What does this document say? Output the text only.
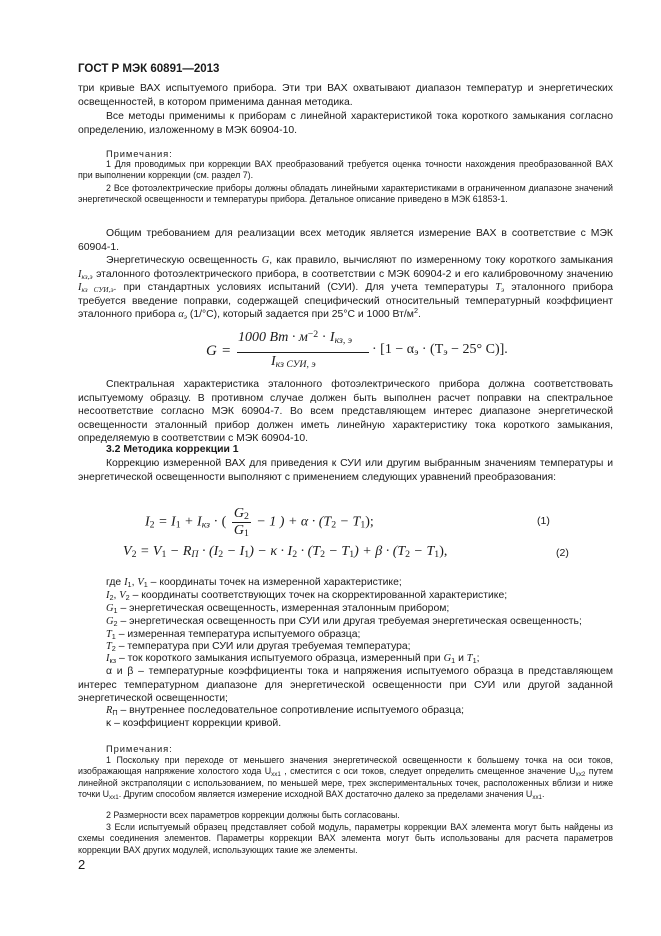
ГОСТ Р МЭК 60891—2013

три кривые ВАХ испытуемого прибора. Эти три ВАХ охватывают диапазон температур и энергетических освещенностей, в котором применима данная методика.

Все методы применимы к приборам с линейной характеристикой тока короткого замыкания согласно определению, изложенному в МЭК 60904-10.

Примечания:

1 Для проводимых при коррекции ВАХ преобразований требуется оценка точности нахождения преобразованной ВАХ при выполнении коррекции (см. раздел 7).

2 Все фотоэлектрические приборы должны обладать линейными характеристиками в ограниченном диапазоне значений энергетической освещенности и температуры прибора. Детальное описание приведено в МЭК 61853-1.

Общим требованием для реализации всех методик является измерение ВАХ в соответствие с МЭК 60904-1.

Энергетическую освещенность G, как правило, вычисляют по измеренному току короткого замыкания $I_{кз,э}$ эталонного фотоэлектрического прибора, в соответствии с МЭК 60904-2 и его калибровочному значению $I_{кз СУИ,э}$. при стандартных условиях испытаний (СУИ). Для учета температуры $T_э$ эталонного прибора требуется введение поправки, содержащей специфический относительный температурный коэффициент эталонного прибора $\alpha_э$ (1/°С), который задается при 25°С и 1000 $Вт/м^2$.

G =
1000 Вт · $м^{-2} \cdot I_{кз, э}$
$I_{кз СУИ, э}$
· [$1 - \alpha_э \cdot (T_э - 25^\circ$ C)].

Спектральная характеристика эталонного фотоэлектрического прибора должна соответствовать испытуемому образцу. В противном случае должен быть выполнен расчет поправки на спектральное несоответствие согласно МЭК 60904-7. Во всем представляющем интерес диапазоне энергетической освещенности эталонный прибор должен иметь линейную характеристику тока короткого замыкания, определяемую в соответствии с МЭК 60904-10.

3.2 Методика коррекции 1

Коррекцию измеренной ВАХ для приведения к СУИ или другим выбранным значениям температуры и энергетической освещенности выполняют с применением следующих уравнений преобразования:

$I_2 = I_1 + I_{кз}$ · ( $\frac{G_2}{G_1} - 1$ ) + $\alpha \cdot (T_2 - T_1)$;	(1)
$V_2 = V_1 - R_П \cdot (I_2 - I_1) - \kappa \cdot I_2 \cdot (T_2 - T_1) + \beta \cdot (T_2 - T_1)$,	(2)

где $I_1$, $V_1$ – координаты точек на измеренной характеристике;

$I_2$, $V_2$ – координаты соответствующих точек на скорректированной характеристике;

$G_1$ – энергетическая освещенность, измеренная эталонным прибором;

$G_2$ – энергетическая освещенность при СУИ или другая требуемая энергетическая освещенность;

$T_1$ – измеренная температура испытуемого образца;

$T_2$ – температура при СУИ или другая требуемая температура;

$I_{кз}$ – ток короткого замыкания испытуемого образца, измеренный при $G_1$ и $T_1$;

α и β – температурные коэффициенты тока и напряжения испытуемого образца в представляющем интерес температурном диапазоне для энергетической освещенности при СУИ или другой заданной энергетической освещенности;

$R_П$ – внутреннее последовательное сопротивление испытуемого образца;

κ – коэффициент коррекции кривой.

Примечания:

1 Поскольку при переходе от меньшего значения энергетической освещенности к большему точка на оси токов, изображающая напряжение холостого хода $U_{хх1}$ , сместится с оси токов, следует определить смещенное значение $U_{хх2}$ путем линейной экстраполяции с использованием, по меньшей мере, трех экспериментальных точек, расположенных вблизи и ниже точки $U_{хх1}$. Другим способом является измерение исходной ВАХ достаточно далеко за пределами значения $U_{хх1}$.

2 Размерности всех параметров коррекции должны быть согласованы.

3 Если испытуемый образец представляет собой модуль, параметры коррекции ВАХ элемента могут быть найдены из схемы соединения элементов. Параметры коррекции ВАХ элемента могут быть использованы для расчета параметров коррекции ВАХ других модулей, использующих такие же элементы.

2
